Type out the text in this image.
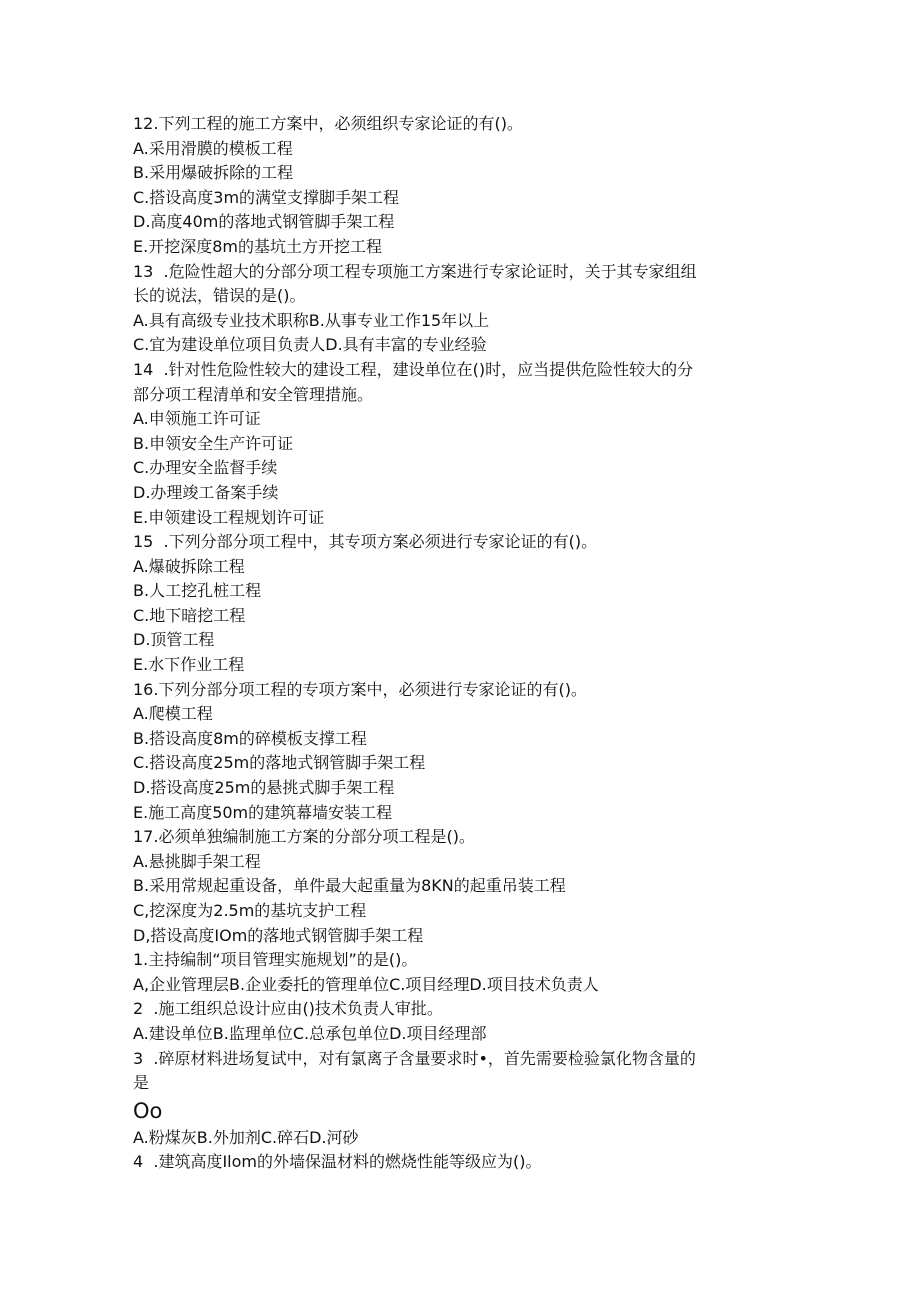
12.下列工程的施工方案中，必须组织专家论证的有()。
A.采用滑膜的模板工程
B.采用爆破拆除的工程
C.搭设高度3m的满堂支撑脚手架工程
D.高度40m的落地式钢管脚手架工程
E.开挖深度8m的基坑土方开挖工程
13  .危险性超大的分部分项工程专项施工方案进行专家论证时，关于其专家组组
长的说法，错误的是()。
A.具有高级专业技术职称B.从事专业工作15年以上
C.宜为建设单位项目负责人D.具有丰富的专业经验
14  .针对性危险性较大的建设工程，建设单位在()时，应当提供危险性较大的分
部分项工程清单和安全管理措施。
A.申领施工许可证
B.申领安全生产许可证
C.办理安全监督手续
D.办理竣工备案手续
E.申领建设工程规划许可证
15  .下列分部分项工程中，其专项方案必须进行专家论证的有()。
A.爆破拆除工程
B.人工挖孔桩工程
C.地下暗挖工程
D.顶管工程
E.水下作业工程
16.下列分部分项工程的专项方案中，必须进行专家论证的有()。
A.爬模工程
B.搭设高度8m的碎模板支撑工程
C.搭设高度25m的落地式钢管脚手架工程
D.搭设高度25m的悬挑式脚手架工程
E.施工高度50m的建筑幕墙安装工程
17.必须单独编制施工方案的分部分项工程是()。
A.悬挑脚手架工程
B.采用常规起重设备，单件最大起重量为8KN的起重吊装工程
C,挖深度为2.5m的基坑支护工程
D,搭设高度IOm的落地式钢管脚手架工程
1.主持编制“项目管理实施规划”的是()。
A,企业管理层B.企业委托的管理单位C.项目经理D.项目技术负责人
2  .施工组织总设计应由()技术负责人审批。
A.建设单位B.监理单位C.总承包单位D.项目经理部
3  .碎原材料进场复试中，对有氯离子含量要求时•，首先需要检验氯化物含量的
是
Oo
A.粉煤灰B.外加剂C.碎石D.河砂
4  .建筑高度Ilom的外墙保温材料的燃烧性能等级应为()。
